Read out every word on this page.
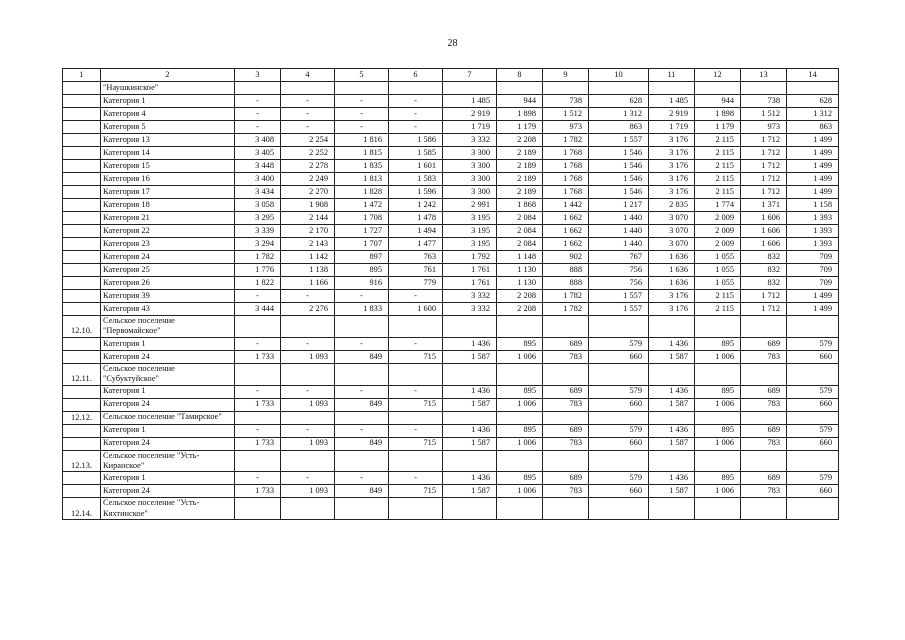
28
1	2	3	4	5	6	7	8	9	10	11	12	13	14
	"Наушкинское"												
	Категория 1	-	-	-	-	1 485	944	738	628	1 485	944	738	628
	Категория 4	-	-	-	-	2 919	1 898	1 512	1 312	2 919	1 898	1 512	1 312
	Категория 5	-	-	-	-	1 719	1 179	973	863	1 719	1 179	973	863
	Категория 13	3 408	2 254	1 816	1 586	3 332	2 208	1 782	1 557	3 176	2 115	1 712	1 499
	Категория 14	3 405	2 252	1 815	1 585	3 300	2 189	1 768	1 546	3 176	2 115	1 712	1 499
	Категория 15	3 448	2 278	1 835	1 601	3 300	2 189	1 768	1 546	3 176	2 115	1 712	1 499
	Категория 16	3 400	2 249	1 813	1 583	3 300	2 189	1 768	1 546	3 176	2 115	1 712	1 499
	Категория 17	3 434	2 270	1 828	1 596	3 300	2 189	1 768	1 546	3 176	2 115	1 712	1 499
	Категория 18	3 058	1 908	1 472	1 242	2 991	1 868	1 442	1 217	2 835	1 774	1 371	1 158
	Категория 21	3 295	2 144	1 708	1 478	3 195	2 084	1 662	1 440	3 070	2 009	1 606	1 393
	Категория 22	3 339	2 170	1 727	1 494	3 195	2 084	1 662	1 440	3 070	2 009	1 606	1 393
	Категория 23	3 294	2 143	1 707	1 477	3 195	2 084	1 662	1 440	3 070	2 009	1 606	1 393
	Категория 24	1 782	1 142	897	763	1 792	1 148	902	767	1 636	1 055	832	709
	Категория 25	1 776	1 138	895	761	1 761	1 130	888	756	1 636	1 055	832	709
	Категория 26	1 822	1 166	916	779	1 761	1 130	888	756	1 636	1 055	832	709
	Категория 39	-	-	-	-	3 332	2 208	1 782	1 557	3 176	2 115	1 712	1 499
	Категория 43	3 444	2 276	1 833	1 600	3 332	2 208	1 782	1 557	3 176	2 115	1 712	1 499
12.10.	Сельское поселение "Первомайское"												
	Категория 1	-	-	-	-	1 436	895	689	579	1 436	895	689	579
	Категория 24	1 733	1 093	849	715	1 587	1 006	783	660	1 587	1 006	783	660
12.11.	Сельское поселение "Субуктуйское"												
	Категория 1	-	-	-	-	1 436	895	689	579	1 436	895	689	579
	Категория 24	1 733	1 093	849	715	1 587	1 006	783	660	1 587	1 006	783	660
12.12.	Сельское поселение "Тамирское"												
	Категория 1	-	-	-	-	1 436	895	689	579	1 436	895	689	579
	Категория 24	1 733	1 093	849	715	1 587	1 006	783	660	1 587	1 006	783	660
12.13.	Сельское поселение "Усть-Киранское"												
	Категория 1	-	-	-	-	1 436	895	689	579	1 436	895	689	579
	Категория 24	1 733	1 093	849	715	1 587	1 006	783	660	1 587	1 006	783	660
12.14.	Сельское поселение "Усть-Кяхтинское"												
